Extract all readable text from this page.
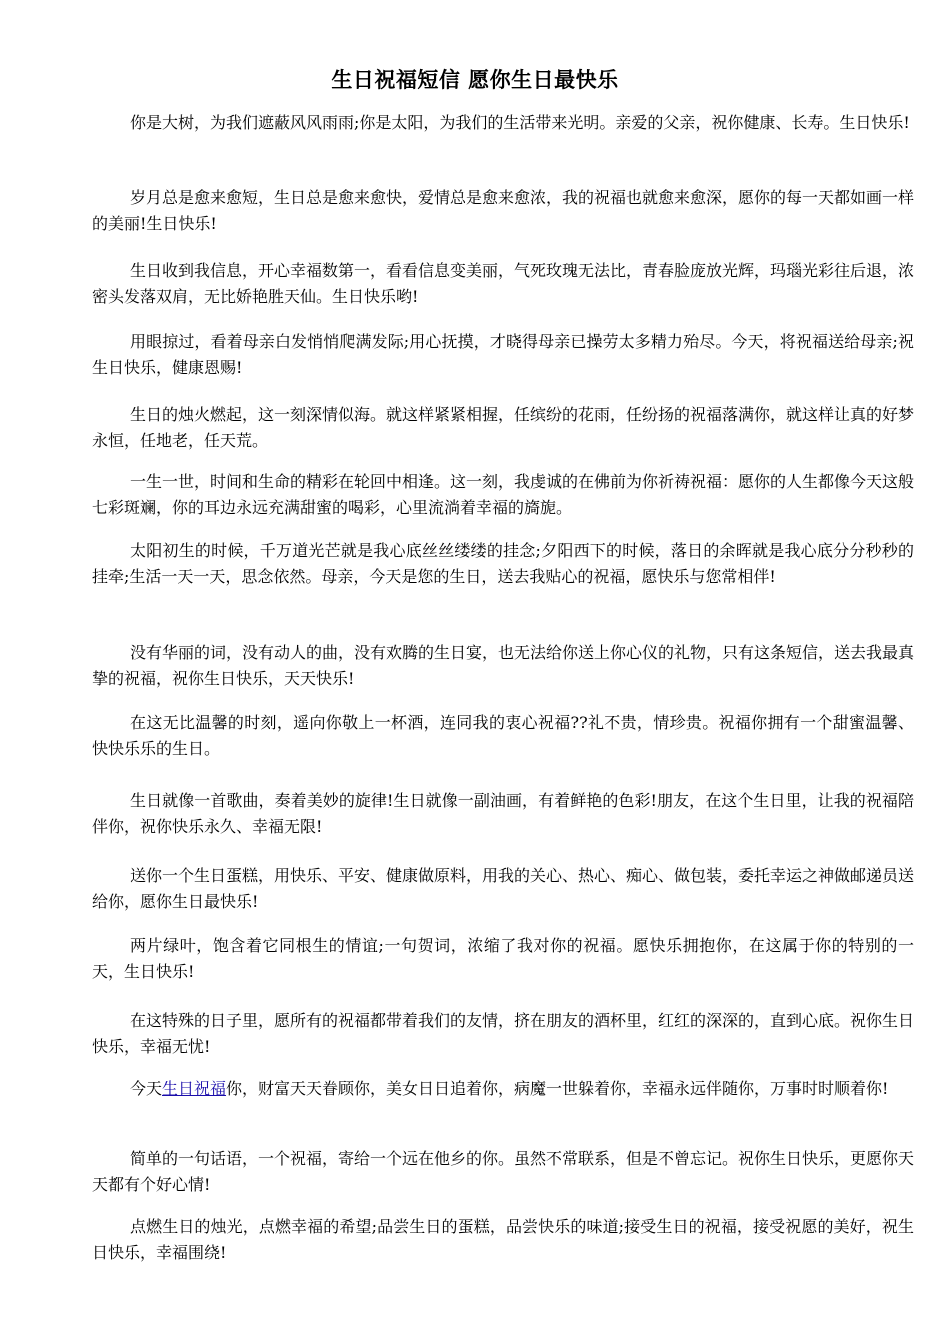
生日祝福短信 愿你生日最快乐

你是大树，为我们遮蔽风风雨雨;你是太阳，为我们的生活带来光明。亲爱的父亲，祝你健康、长寿。生日快乐!

岁月总是愈来愈短，生日总是愈来愈快，爱情总是愈来愈浓，我的祝福也就愈来愈深，愿你的每一天都如画一样的美丽!生日快乐!

生日收到我信息，开心幸福数第一，看看信息变美丽，气死玫瑰无法比，青春脸庞放光辉，玛瑙光彩往后退，浓密头发落双肩，无比娇艳胜天仙。生日快乐哟!

用眼掠过，看着母亲白发悄悄爬满发际;用心抚摸，才晓得母亲已操劳太多精力殆尽。今天，将祝福送给母亲;祝生日快乐，健康恩赐!

生日的烛火燃起，这一刻深情似海。就这样紧紧相握，任缤纷的花雨，任纷扬的祝福落满你，就这样让真的好梦永恒，任地老，任天荒。

一生一世，时间和生命的精彩在轮回中相逢。这一刻，我虔诚的在佛前为你祈祷祝福：愿你的人生都像今天这般七彩斑斓，你的耳边永远充满甜蜜的喝彩，心里流淌着幸福的旖旎。

太阳初生的时候，千万道光芒就是我心底丝丝缕缕的挂念;夕阳西下的时候，落日的余晖就是我心底分分秒秒的挂牵;生活一天一天，思念依然。母亲，今天是您的生日，送去我贴心的祝福，愿快乐与您常相伴!

没有华丽的词，没有动人的曲，没有欢腾的生日宴，也无法给你送上你心仪的礼物，只有这条短信，送去我最真挚的祝福，祝你生日快乐，天天快乐!

在这无比温馨的时刻，遥向你敬上一杯酒，连同我的衷心祝福??礼不贵，情珍贵。祝福你拥有一个甜蜜温馨、快快乐乐的生日。

生日就像一首歌曲，奏着美妙的旋律!生日就像一副油画，有着鲜艳的色彩!朋友，在这个生日里，让我的祝福陪伴你，祝你快乐永久、幸福无限!

送你一个生日蛋糕，用快乐、平安、健康做原料，用我的关心、热心、痴心、做包装，委托幸运之神做邮递员送给你，愿你生日最快乐!

两片绿叶，饱含着它同根生的情谊;一句贺词，浓缩了我对你的祝福。愿快乐拥抱你，在这属于你的特别的一天，生日快乐!

在这特殊的日子里，愿所有的祝福都带着我们的友情，挤在朋友的酒杯里，红红的深深的，直到心底。祝你生日快乐，幸福无忧!

今天生日祝福你，财富天天眷顾你，美女日日追着你，病魔一世躲着你，幸福永远伴随你，万事时时顺着你!

简单的一句话语，一个祝福，寄给一个远在他乡的你。虽然不常联系，但是不曾忘记。祝你生日快乐，更愿你天天都有个好心情!

点燃生日的烛光，点燃幸福的希望;品尝生日的蛋糕，品尝快乐的味道;接受生日的祝福，接受祝愿的美好，祝生日快乐，幸福围绕!
